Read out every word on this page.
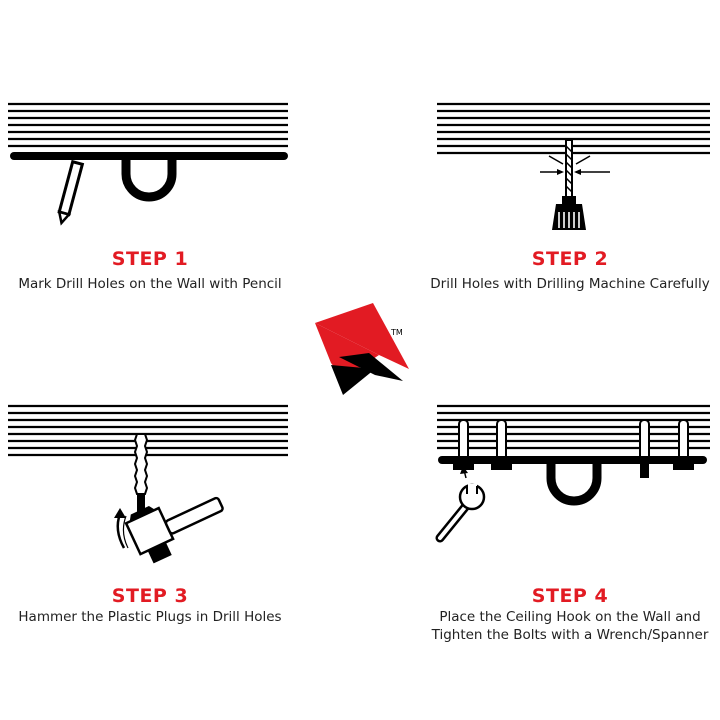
STEP 1
Mark Drill Holes on the Wall with Pencil
STEP 2
Drill Holes with Drilling Machine Carefully
STEP 3
Hammer the Plastic Plugs in Drill Holes
STEP 4
Place the Ceiling Hook on the Wall and
Tighten the Bolts with a Wrench/Spanner
TM
